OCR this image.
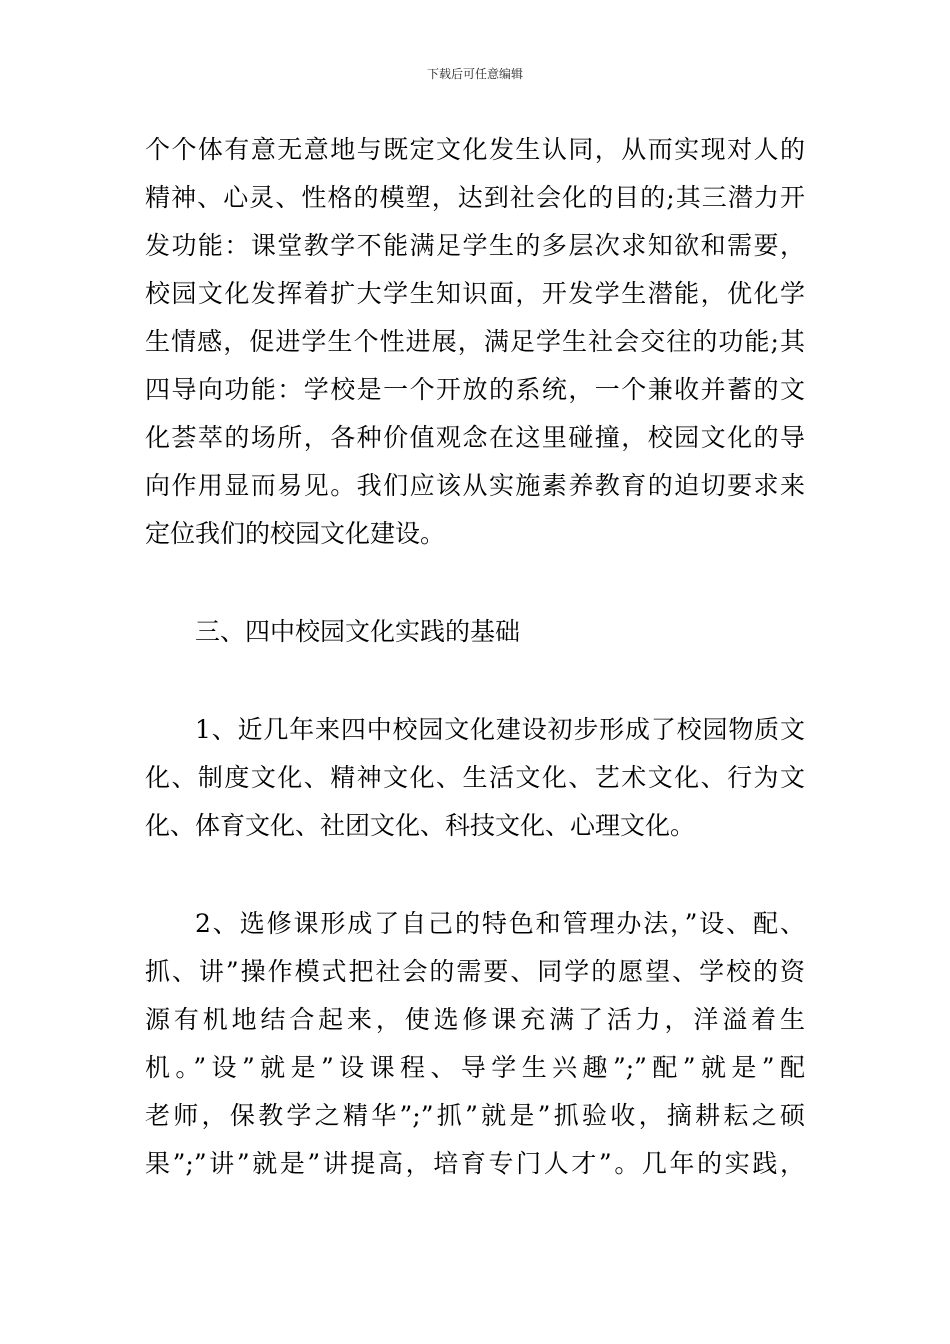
下载后可任意编辑
个个体有意无意地与既定文化发生认同，从而实现对人的
精神、心灵、性格的模塑，达到社会化的目的;其三潜力开
发功能：课堂教学不能满足学生的多层次求知欲和需要，
校园文化发挥着扩大学生知识面，开发学生潜能，优化学
生情感，促进学生个性进展，满足学生社会交往的功能;其
四导向功能：学校是一个开放的系统，一个兼收并蓄的文
化荟萃的场所，各种价值观念在这里碰撞，校园文化的导
向作用显而易见。我们应该从实施素养教育的迫切要求来
定位我们的校园文化建设。
三、四中校园文化实践的基础
1、近几年来四中校园文化建设初步形成了校园物质文
化、制度文化、精神文化、生活文化、艺术文化、行为文
化、体育文化、社团文化、科技文化、心理文化。
2、选修课形成了自己的特色和管理办法，”设、配、
抓、讲”操作模式把社会的需要、同学的愿望、学校的资
源有机地结合起来，使选修课充满了活力，洋溢着生
机。”设”就是”设课程、导学生兴趣”;”配”就是”配
老师，保教学之精华”;”抓”就是”抓验收，摘耕耘之硕
果”;”讲”就是”讲提高，培育专门人才”。几年的实践，
